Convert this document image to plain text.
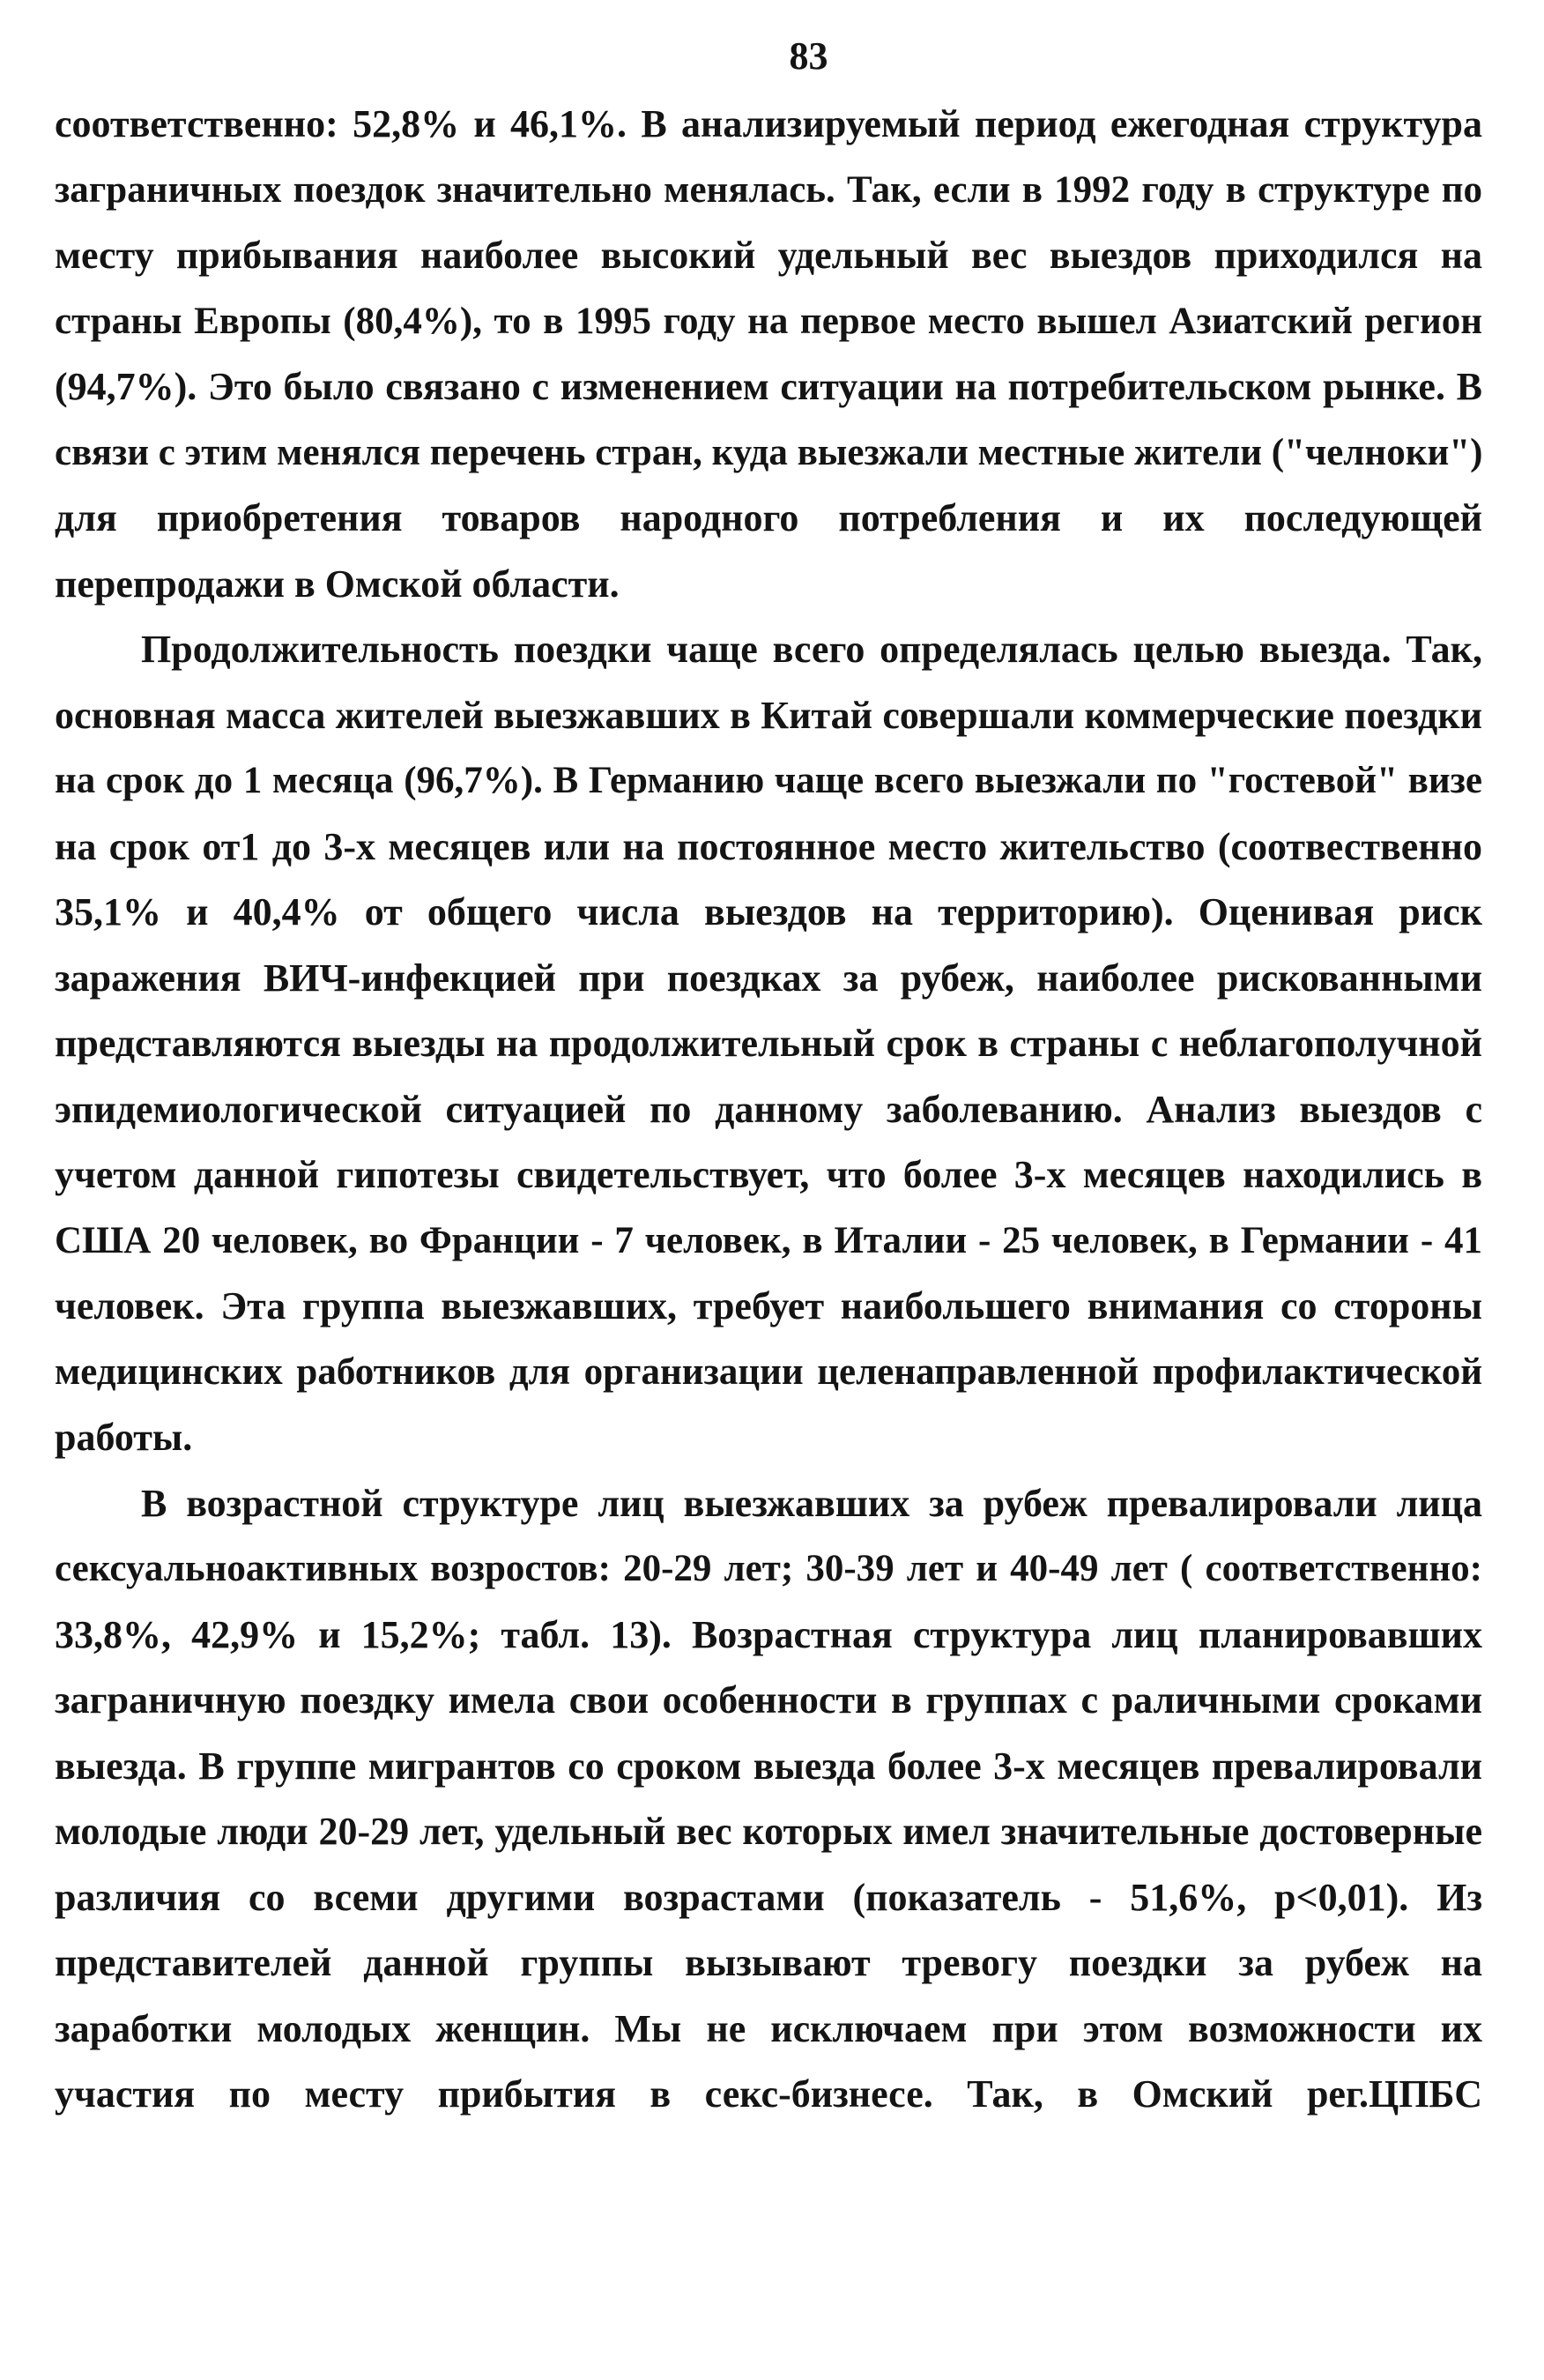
83
соответственно: 52,8% и 46,1%. В анализируемый период ежегодная структура
заграничных поездок значительно менялась. Так, если в 1992 году в структуре по
месту прибывания наиболее высокий удельный вес выездов приходился на
страны Европы (80,4%), то в 1995 году на первое место вышел Азиатский регион
(94,7%). Это было связано с изменением ситуации на потребительском рынке. В
связи с этим менялся перечень стран, куда выезжали местные жители ("челноки")
для приобретения товаров народного потребления и их последующей
перепродажи в Омской области.
Продолжительность поездки чаще всего определялась целью выезда. Так,
основная масса жителей выезжавших в Китай совершали коммерческие поездки
на срок до 1 месяца (96,7%). В Германию чаще всего выезжали по "гостевой" визе
на срок от1 до 3-х месяцев или на постоянное место жительство (соотвественно
35,1% и 40,4% от общего числа выездов на территорию). Оценивая риск
заражения ВИЧ-инфекцией при поездках за рубеж, наиболее рискованными
представляются выезды на продолжительный срок в страны с неблагополучной
эпидемиологической ситуацией по данному заболеванию. Анализ выездов с
учетом данной гипотезы свидетельствует, что более 3-х месяцев находились в
США 20 человек, во Франции - 7 человек, в Италии - 25 человек, в Германии - 41
человек. Эта группа выезжавших, требует наибольшего внимания со стороны
медицинских работников для организации целенаправленной профилактической
работы.
В возрастной структуре лиц выезжавших за рубеж превалировали лица
сексуальноактивных возростов: 20-29 лет; 30-39 лет и 40-49 лет ( соответственно:
33,8%, 42,9% и 15,2%; табл. 13). Возрастная структура лиц планировавших
заграничную поездку имела свои особенности в группах с раличными сроками
выезда. В группе мигрантов со сроком выезда более 3-х месяцев превалировали
молодые люди 20-29 лет, удельный вес которых имел значительные достоверные
различия со всеми другими возрастами (показатель - 51,6%, p<0,01). Из
представителей данной группы вызывают тревогу поездки за рубеж на
заработки молодых женщин. Мы не исключаем при этом возможности их
участия по месту прибытия в секс-бизнесе. Так, в Омский рег.ЦПБС
